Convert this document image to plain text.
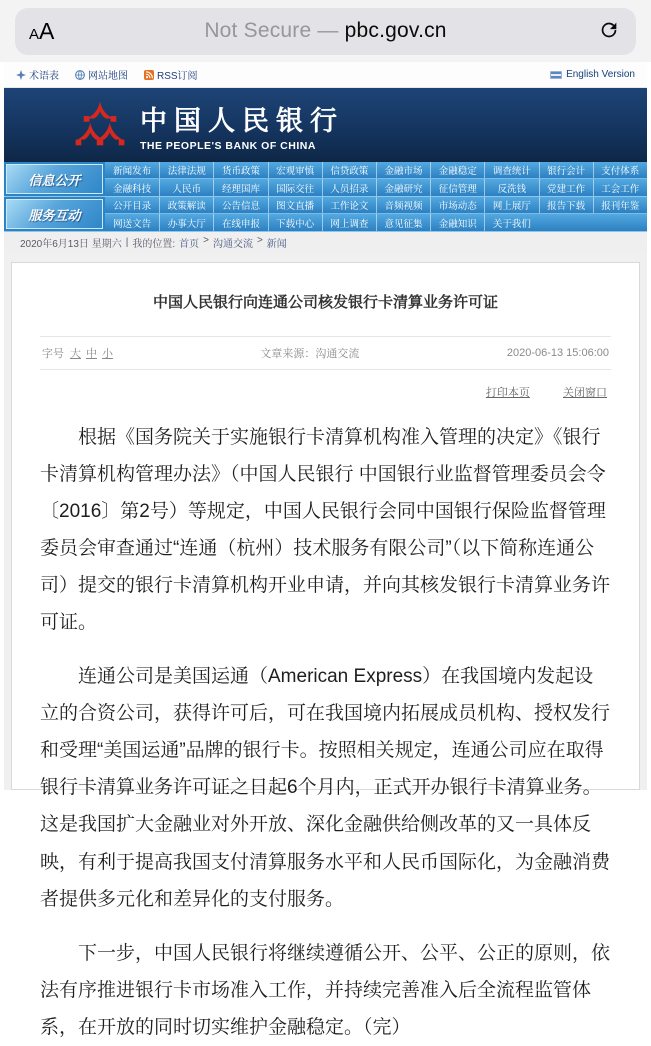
A A	Not Secure — pbc.gov.cn
术语表	网站地图	RSS订阅	English Version
中国人民银行
THE PEOPLE'S BANK OF CHINA
信息公开
新闻发布	法律法规	货币政策	宏观审慎	信贷政策	金融市场	金融稳定	调查统计	银行会计	支付体系
金融科技	人民币	经理国库	国际交往	人员招录	金融研究	征信管理	反洗钱	党建工作	工会工作
服务互动
公开目录	政策解读	公告信息	图文直播	工作论文	音频视频	市场动态	网上展厅	报告下载	报刊年鉴
网送文告	办事大厅	在线申报	下载中心	网上调查	意见征集	金融知识	关于我们
2020年6月13日 星期六 | 我的位置: 首页 > 沟通交流 > 新闻
中国人民银行向连通公司核发银行卡清算业务许可证
字号 大 中 小	文章来源：沟通交流	2020-06-13 15:06:00
打印本页	关闭窗口

根据《国务院关于实施银行卡清算机构准入管理的决定》《银行卡清算机构管理办法》（中国人民银行 中国银行业监督管理委员会令〔2016〕第2号）等规定，中国人民银行会同中国银行保险监督管理委员会审查通过“连通（杭州）技术服务有限公司”（以下简称连通公司）提交的银行卡清算机构开业申请，并向其核发银行卡清算业务许可证。

连通公司是美国运通（American Express）在我国境内发起设立的合资公司，获得许可后，可在我国境内拓展成员机构、授权发行和受理“美国运通”品牌的银行卡。按照相关规定，连通公司应在取得银行卡清算业务许可证之日起6个月内，正式开办银行卡清算业务。这是我国扩大金融业对外开放、深化金融供给侧改革的又一具体反映，有利于提高我国支付清算服务水平和人民币国际化，为金融消费者提供多元化和差异化的支付服务。

下一步，中国人民银行将继续遵循公开、公平、公正的原则，依法有序推进银行卡市场准入工作，并持续完善准入后全流程监管体系，在开放的同时切实维护金融稳定。（完）
